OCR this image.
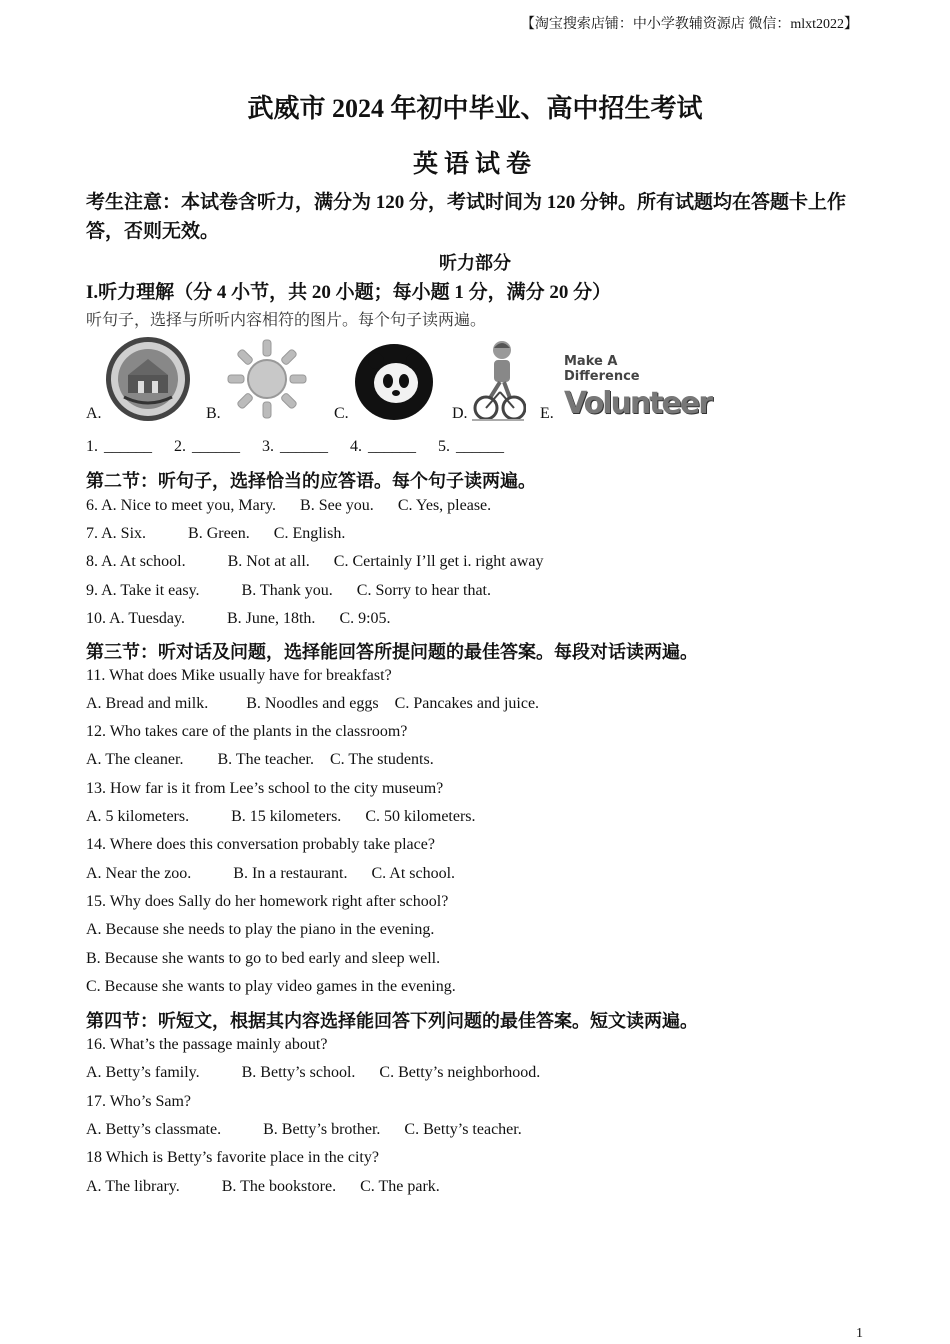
【淘宝搜索店铺：中小学教辅资源店 微信：mlxt2022】
武威市 2024 年初中毕业、高中招生考试
英语试卷
考生注意：本试卷含听力，满分为 120 分，考试时间为 120 分钟。所有试题均在答题卡上作答，否则无效。
听力部分
I.听力理解（分 4 小节，共 20 小题；每小题 1 分，满分 20 分）
听句子，选择与所听内容相符的图片。每个句子读两遍。
A.	B.	C.	D.	E.
Make A Difference
Volunteer
1. ______ 2. ______ 3. ______ 4. ______ 5. ______
第二节：听句子，选择恰当的应答语。每个句子读两遍。
6. A. Nice to meet you, Mary. B. See you. C. Yes, please.
7. A. Six.	B. Green. C. English.
8. A. At school.	B. Not at all. C. Certainly I’ll get i. right away
9. A. Take it easy.	B. Thank you. C. Sorry to hear that.
10. A. Tuesday.	B. June, 18th. C. 9:05.
第三节：听对话及问题，选择能回答所提问题的最佳答案。每段对话读两遍。
11. What does Mike usually have for breakfast?
A. Bread and milk. B. Noodles and eggs C. Pancakes and juice.
12. Who takes care of the plants in the classroom?
A. The cleaner. B. The teacher. C. The students.
13. How far is it from Lee’s school to the city museum?
A. 5 kilometers.	B. 15 kilometers. C. 50 kilometers.
14. Where does this conversation probably take place?
A. Near the zoo.	B. In a restaurant. C. At school.
15. Why does Sally do her homework right after school?
A. Because she needs to play the piano in the evening.
B. Because she wants to go to bed early and sleep well.
C. Because she wants to play video games in the evening.
第四节：听短文，根据其内容选择能回答下列问题的最佳答案。短文读两遍。
16. What’s the passage mainly about?
A. Betty’s family.	B. Betty’s school. C. Betty’s neighborhood.
17. Who’s Sam?
A. Betty’s classmate.	B. Betty’s brother. C. Betty’s teacher.
18 Which is Betty’s favorite place in the city?
A. The library.	B. The bookstore. C. The park.
1
